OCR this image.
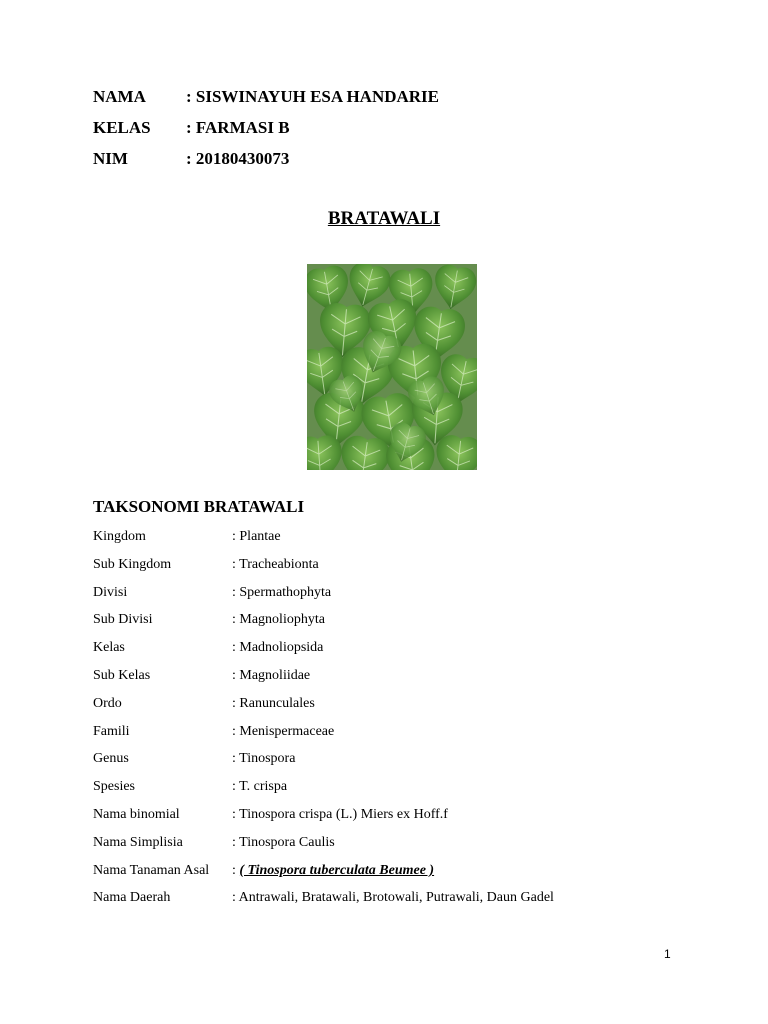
NAMA : SISWINAYUH ESA HANDARIE
KELAS : FARMASI B
NIM	: 20180430073
BRATAWALI
TAKSONOMI BRATAWALI
Kingdom	: Plantae
Sub Kingdom	: Tracheabionta
Divisi	: Spermathophyta
Sub Divisi	: Magnoliophyta
Kelas	: Madnoliopsida
Sub Kelas	: Magnoliidae
Ordo	: Ranunculales
Famili	: Menispermaceae
Genus	: Tinospora
Spesies	: T. crispa
Nama binomial	: Tinospora crispa (L.) Miers ex Hoff.f
Nama Simplisia	: Tinospora Caulis
Nama Tanaman Asal : ( Tinospora tuberculata Beumee )
Nama Daerah	: Antrawali, Bratawali, Brotowali, Putrawali, Daun Gadel
1
